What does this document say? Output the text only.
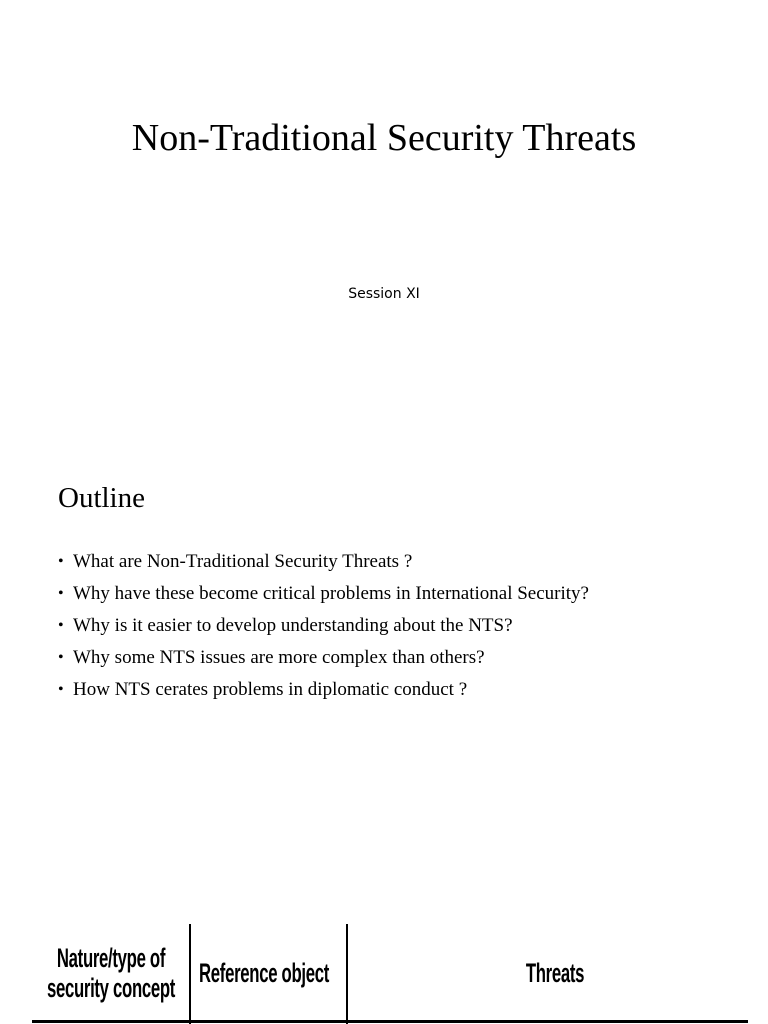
Non-Traditional Security Threats
Session XI
Outline
• What are Non-Traditional Security Threats ?
• Why have these become critical problems in International Security?
• Why is it easier to develop understanding about the NTS?
• Why some NTS issues are more complex than others?
• How NTS cerates problems in diplomatic conduct ?
Nature/type of security concept Reference object	Threats
